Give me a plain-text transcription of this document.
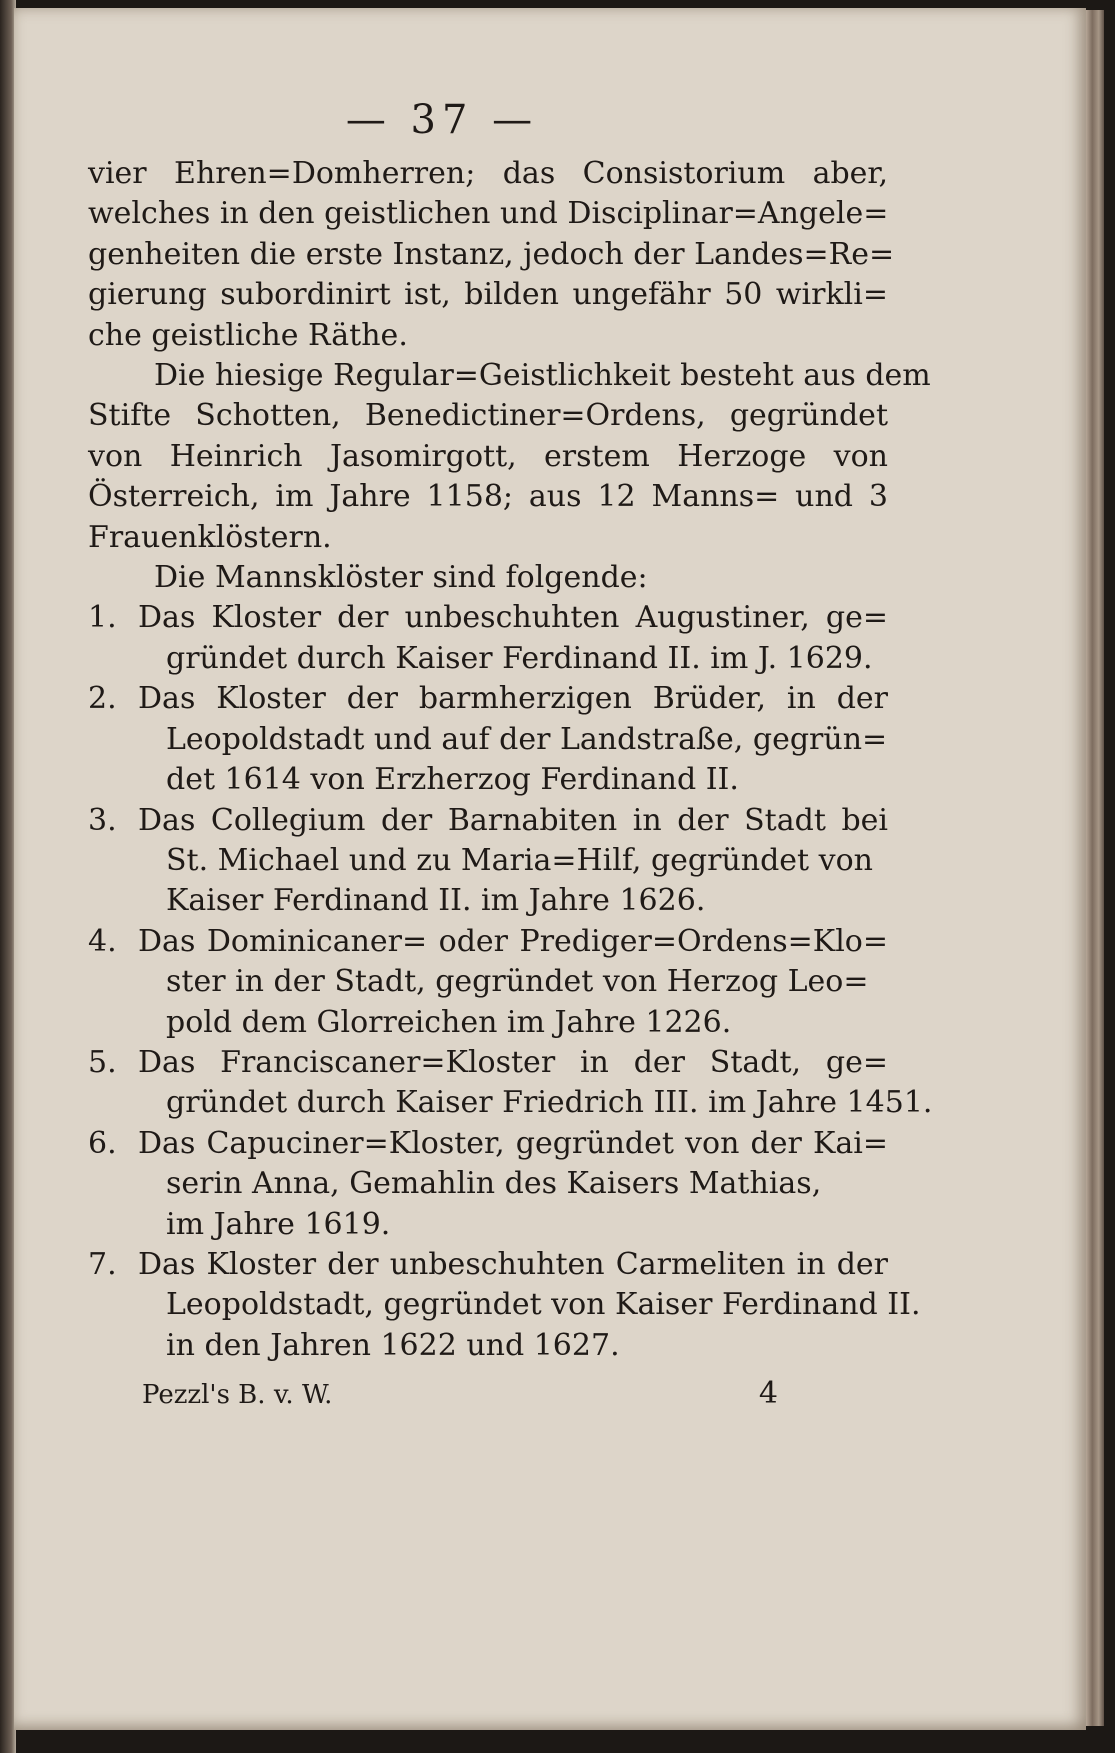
— 37 —
vier Ehren=Domherren; das Consistorium aber,
welches in den geistlichen und Disciplinar=Angele=
genheiten die erste Instanz, jedoch der Landes=Re=
gierung subordinirt ist, bilden ungefähr 50 wirkli=
che geistliche Räthe.
Die hiesige Regular=Geistlichkeit besteht aus dem
Stifte Schotten, Benedictiner=Ordens, gegründet
von Heinrich Jasomirgott, erstem Herzoge von
Österreich, im Jahre 1158; aus 12 Manns= und 3
Frauenklöstern.
Die Mannsklöster sind folgende:
1. Das Kloster der unbeschuhten Augustiner, ge=
gründet durch Kaiser Ferdinand II. im J. 1629.
2. Das Kloster der barmherzigen Brüder, in der
Leopoldstadt und auf der Landstraße, gegrün=
det 1614 von Erzherzog Ferdinand II.
3. Das Collegium der Barnabiten in der Stadt bei
St. Michael und zu Maria=Hilf, gegründet von
Kaiser Ferdinand II. im Jahre 1626.
4. Das Dominicaner= oder Prediger=Ordens=Klo=
ster in der Stadt, gegründet von Herzog Leo=
pold dem Glorreichen im Jahre 1226.
5. Das Franciscaner=Kloster in der Stadt, ge=
gründet durch Kaiser Friedrich III. im Jahre 1451.
6. Das Capuciner=Kloster, gegründet von der Kai=
serin Anna, Gemahlin des Kaisers Mathias,
im Jahre 1619.
7. Das Kloster der unbeschuhten Carmeliten in der
Leopoldstadt, gegründet von Kaiser Ferdinand II.
in den Jahren 1622 und 1627.
Pezzl's B. v. W.	4
